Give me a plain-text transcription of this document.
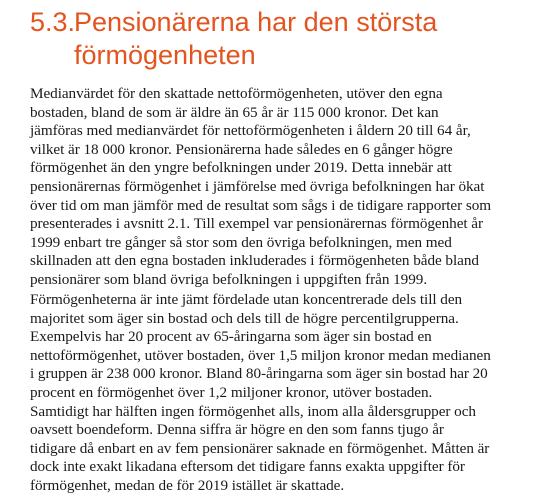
5.3.Pensionärerna har den största
förmögenheten

Medianvärdet för den skattade nettoförmögenheten, utöver den egna
bostaden, bland de som är äldre än 65 år är 115 000 kronor. Det kan
jämföras med medianvärdet för nettoförmögenheten i åldern 20 till 64 år,
vilket är 18 000 kronor. Pensionärerna hade således en 6 gånger högre
förmögenhet än den yngre befolkningen under 2019. Detta innebär att
pensionärernas förmögenhet i jämförelse med övriga befolkningen har ökat
över tid om man jämför med de resultat som sågs i de tidigare rapporter som
presenterades i avsnitt 2.1. Till exempel var pensionärernas förmögenhet år
1999 enbart tre gånger så stor som den övriga befolkningen, men med
skillnaden att den egna bostaden inkluderades i förmögenheten både bland
pensionärer som bland övriga befolkningen i uppgiften från 1999.

Förmögenheterna är inte jämt fördelade utan koncentrerade dels till den
majoritet som äger sin bostad och dels till de högre percentilgrupperna.
Exempelvis har 20 procent av 65-åringarna som äger sin bostad en
nettoförmögenhet, utöver bostaden, över 1,5 miljon kronor medan medianen
i gruppen är 238 000 kronor. Bland 80-åringarna som äger sin bostad har 20
procent en förmögenhet över 1,2 miljoner kronor, utöver bostaden.
Samtidigt har hälften ingen förmögenhet alls, inom alla åldersgrupper och
oavsett boendeform. Denna siffra är högre en den som fanns tjugo år
tidigare då enbart en av fem pensionärer saknade en förmögenhet. Måtten är
dock inte exakt likadana eftersom det tidigare fanns exakta uppgifter för
förmögenhet, medan de för 2019 istället är skattade.
